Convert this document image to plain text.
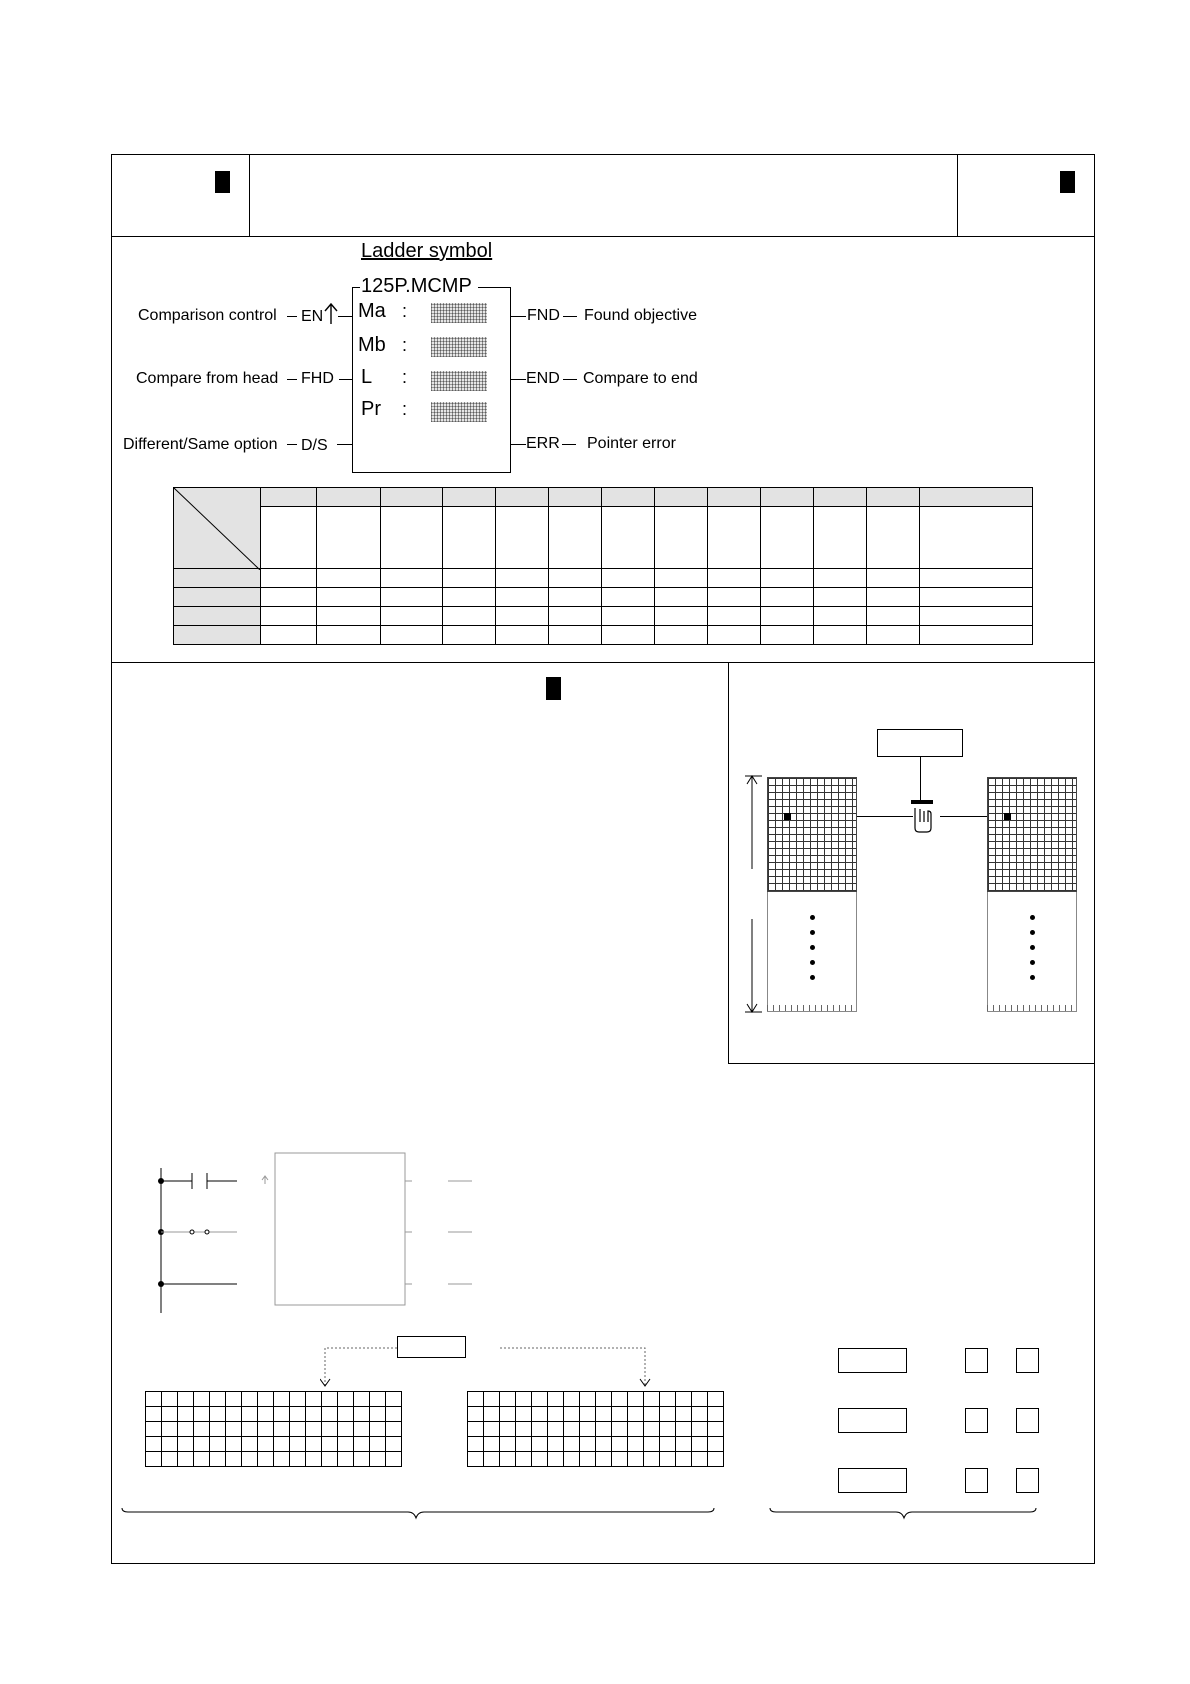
Ladder symbol
125P.MCMP
Ma
Mb
L
Pr
:
:
:
:
Comparison control EN
Compare from head FHD
Different/Same option D/S
FND Found objective
END Compare to end
ERR Pointer error
